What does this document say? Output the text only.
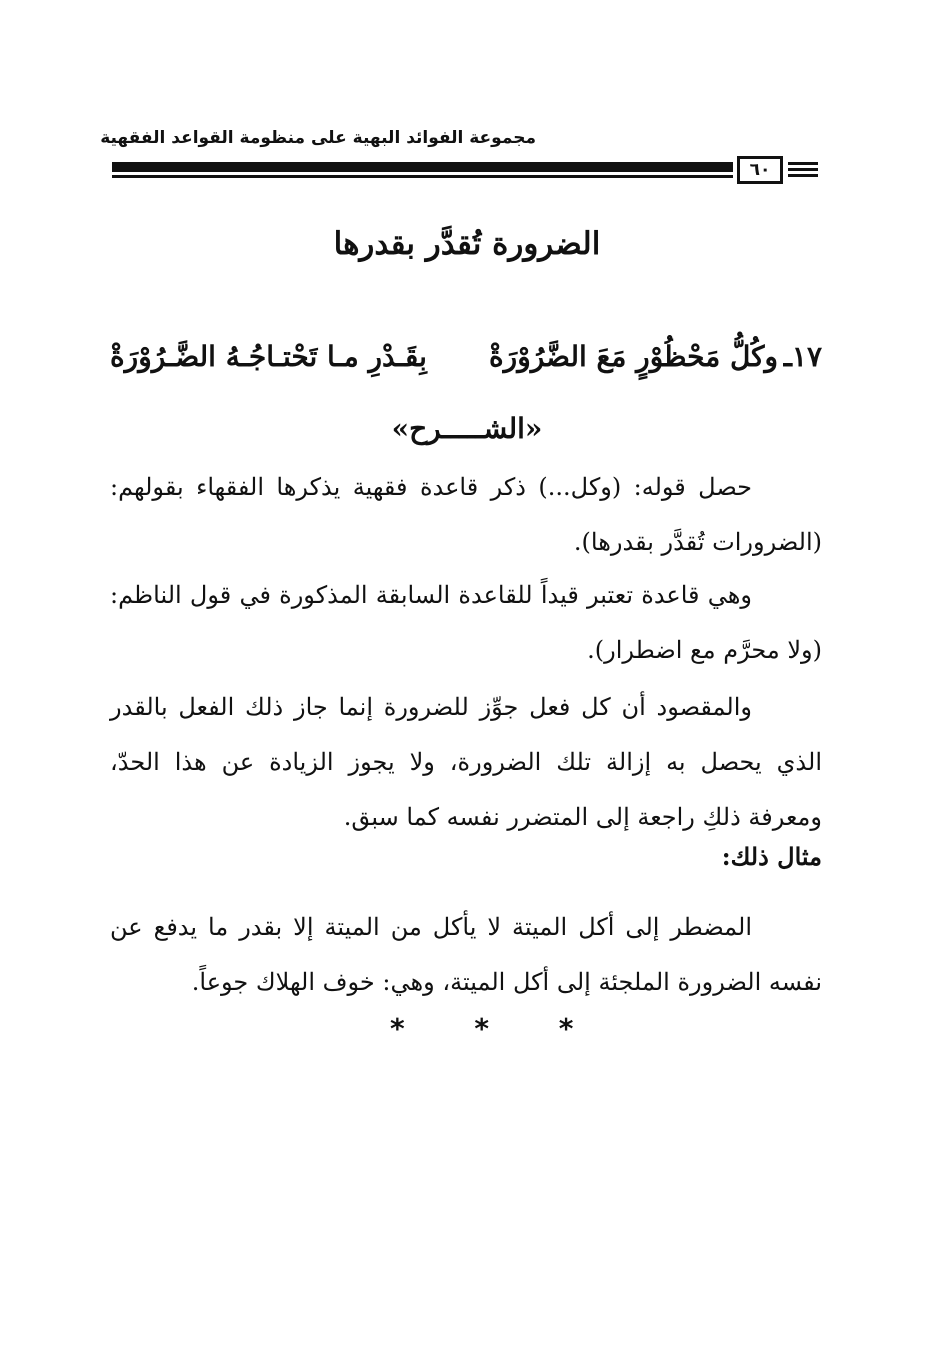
مجموعة الفوائد البهية على منظومة القواعد الفقهية
٦٠
الضرورة تُقدَّر بقدرها
١٧ـ
وكُلُّ مَحْظُوْرٍ مَعَ الضَّرُوْرَةْ
بِقَـدْرِ مـا تَحْتـاجُـهُ الضَّـرُوْرَةْ
«الشـــــرح»
حصل قوله: (وكل...) ذكر قاعدة فقهية يذكرها الفقهاء بقولهم: (الضرورات تُقدَّر بقدرها).
وهي قاعدة تعتبر قيداً للقاعدة السابقة المذكورة في قول الناظم: (ولا محرَّم مع اضطرار).
والمقصود أن كل فعل جوِّز للضرورة إنما جاز ذلك الفعل بالقدر الذي يحصل به إزالة تلك الضرورة، ولا يجوز الزيادة عن هذا الحدّ، ومعرفة ذلكِ راجعة إلى المتضرر نفسه كما سبق.
مثال ذلك:
المضطر إلى أكل الميتة لا يأكل من الميتة إلا بقدر ما يدفع عن نفسه الضرورة الملجئة إلى أكل الميتة، وهي: خوف الهلاك جوعاً.
* * *
